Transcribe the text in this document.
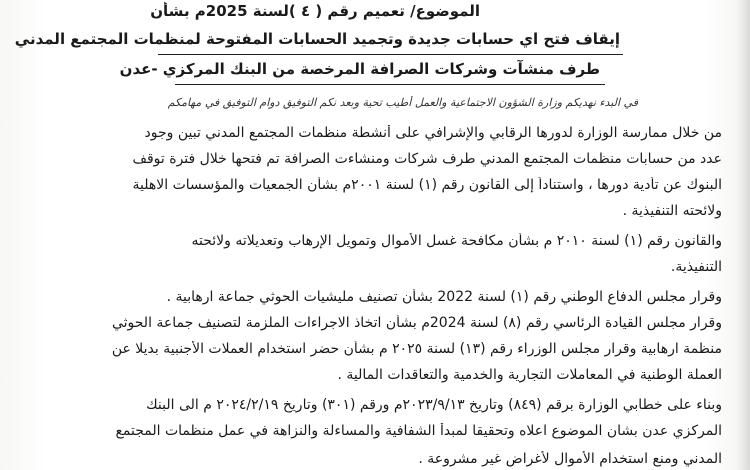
الموضوع/ تعميم رقم ( ٤ )لسنة 2025م بشأن
إيقاف فتح اي حسابات جديدة وتجميد الحسابات المفتوحة لمنظمات المجتمع المدني
طرف منشآت وشركات الصرافة المرخصة من البنك المركزي -عدن
في البدء نهديكم وزارة الشؤون الاجتماعية والعمل أطيب تحية وبعد نكم التوفيق دوام التوفيق في مهامكم
من خلال ممارسة الوزارة لدورها الرقابي والإشرافي على أنشطة منظمات المجتمع المدني تبين وجود
عدد من حسابات منظمات المجتمع المدني طرف شركات ومنشاءت الصرافة تم فتحها خلال فترة توقف
البنوك عن تأدية دورها ، واستناداً إلى القانون رقم (١) لسنة ٢٠٠١م بشأن الجمعيات والمؤسسات الاهلية
ولائحته التنفيذية .
والقانون رقم (١) لسنة ٢٠١٠ م بشأن مكافحة غسل الأموال وتمويل الإرهاب وتعديلاته ولائحته
التنفيذية.
وقرار مجلس الدفاع الوطني رقم (١) لسنة 2022 بشأن تصنيف مليشيات الحوثي جماعة ارهابية .
وقرار مجلس القيادة الرئاسي رقم (٨) لسنة 2024م بشأن اتخاذ الاجراءات الملزمة لتصنيف جماعة الحوثي
منظمة ارهابية وقرار مجلس الوزراء رقم (١٣) لسنة ٢٠٢٥ م بشأن حضر استخدام العملات الأجنبية بديلا عن
العملة الوطنية في المعاملات التجارية والخدمية والتعاقدات المالية .
وبناء على خطابي الوزارة برقم (٨٤٩) وتاريخ ٢٠٢٣/٩/١٣م ورقم (٣٠١) وتاريخ ٢٠٢٤/٢/١٩ م الى البنك
المركزي عدن بشان الموضوع اعلاه وتحقيقا لمبدأ الشفافية والمساءلة والنزاهة في عمل منظمات المجتمع
المدني ومنع استخدام الأموال لأغراض غير مشروعة .
